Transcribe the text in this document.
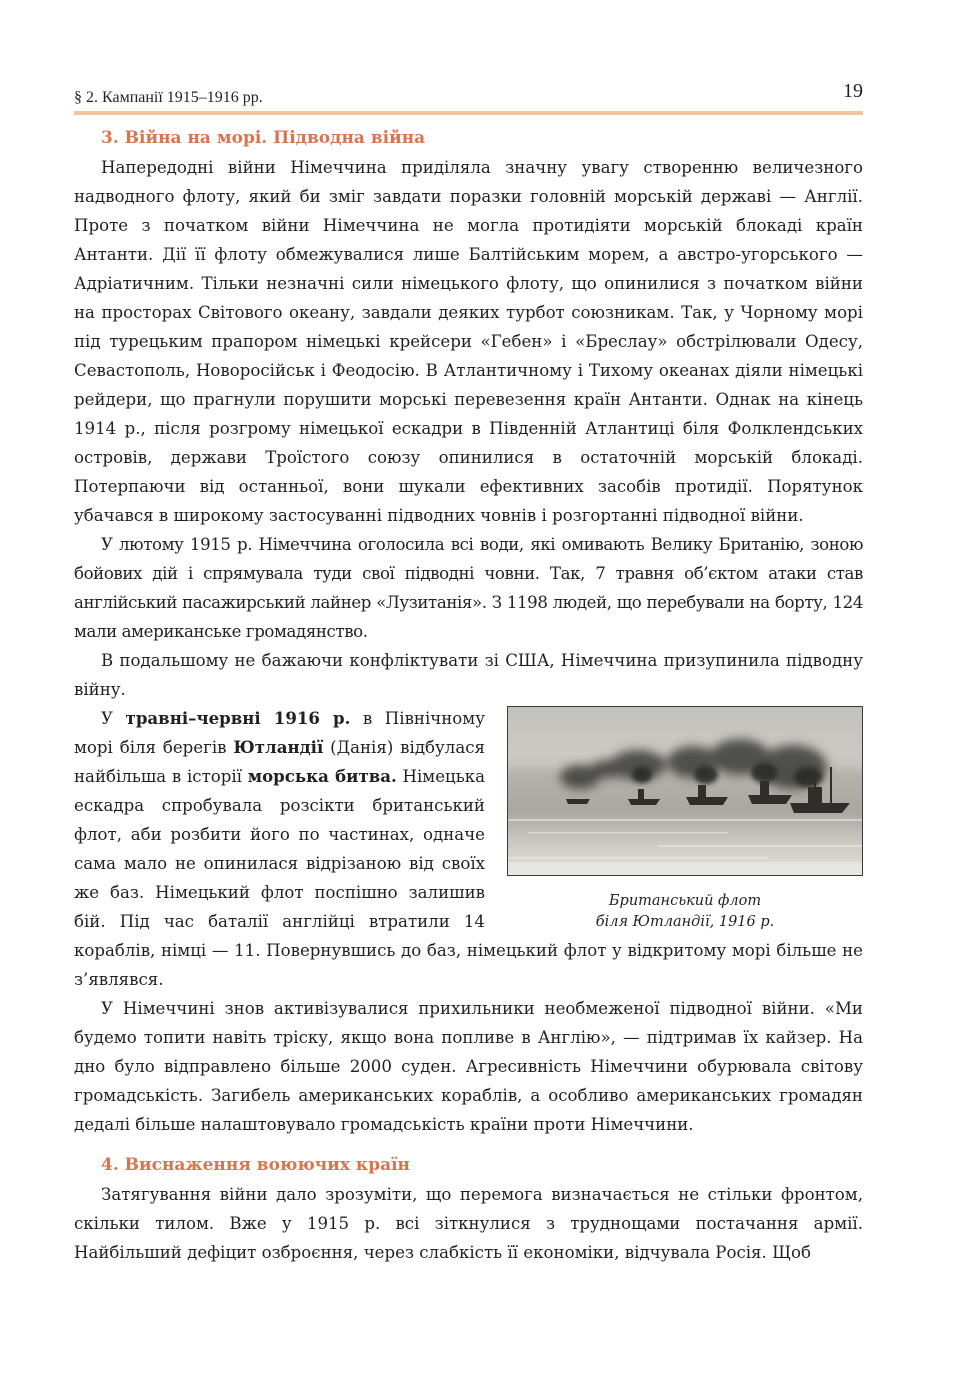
§ 2. Кампанії 1915–1916 рр.	19
3. Війна на морі. Підводна війна

Напередодні війни Німеччина приділяла значну увагу створенню величезного надводного флоту, який би зміг завдати поразки головній морській державі — Англії. Проте з початком війни Німеччина не могла протидіяти морській блокаді країн Антанти. Дії її флоту обмежувалися лише Балтійським морем, а австро-угорського — Адріатичним. Тільки незначні сили німецького флоту, що опинилися з початком війни на просторах Світового океану, завдали деяких турбот союзникам. Так, у Чорному морі під турецьким прапором німецькі крейсери «Гебен» і «Бреслау» обстрілювали Одесу, Севастополь, Новоросійськ і Феодосію. В Атлантичному і Тихому океанах діяли німецькі рейдери, що прагнули порушити морські перевезення країн Антанти. Однак на кінець 1914 р., після розгрому німецької ескадри в Південній Атлантиці біля Фолклендських островів, держави Троїстого союзу опинилися в остаточній морській блокаді. Потерпаючи від останньої, вони шукали ефективних засобів протидії. Порятунок убачався в широкому застосуванні підводних човнів і розгортанні підводної війни.

У лютому 1915 р. Німеччина оголосила всі води, які омивають Велику Британію, зоною бойових дій і спрямувала туди свої підводні човни. Так, 7 травня об’єктом атаки став англійський пасажирський лайнер «Лузитанія». З 1198 людей, що перебували на борту, 124 мали американське громадянство.

В подальшому не бажаючи конфліктувати зі США, Німеччина призупинила підводну війну.

Британський флот
біля Ютландії, 1916 р.

У травні–червні 1916 р. в Північному морі біля берегів Ютландії (Данія) відбулася найбільша в історії морська битва. Німецька ескадра спробувала розсікти британський флот, аби розбити його по частинах, одначе сама мало не опинилася відрізаною від своїх же баз. Німецький флот поспішно залишив бій. Під час баталії англійці втратили 14 кораблів, німці — 11. Повернувшись до баз, німецький флот у відкритому морі більше не з’являвся.

У Німеччині знов активізувалися прихильники необмеженої підводної війни. «Ми будемо топити навіть тріску, якщо вона попливе в Англію», — підтримав їх кайзер. На дно було відправлено більше 2000 суден. Агресивність Німеччини обурювала світову громадськість. Загибель американських кораблів, а особливо американських громадян дедалі більше налаштовувало громадськість країни проти Німеччини.

4. Виснаження воюючих країн

Затягування війни дало зрозуміти, що перемога визначається не стільки фронтом, скільки тилом. Вже у 1915 р. всі зіткнулися з труднощами постачання армії. Найбільший дефіцит озброєння, через слабкість її економіки, відчувала Росія. Щоб
